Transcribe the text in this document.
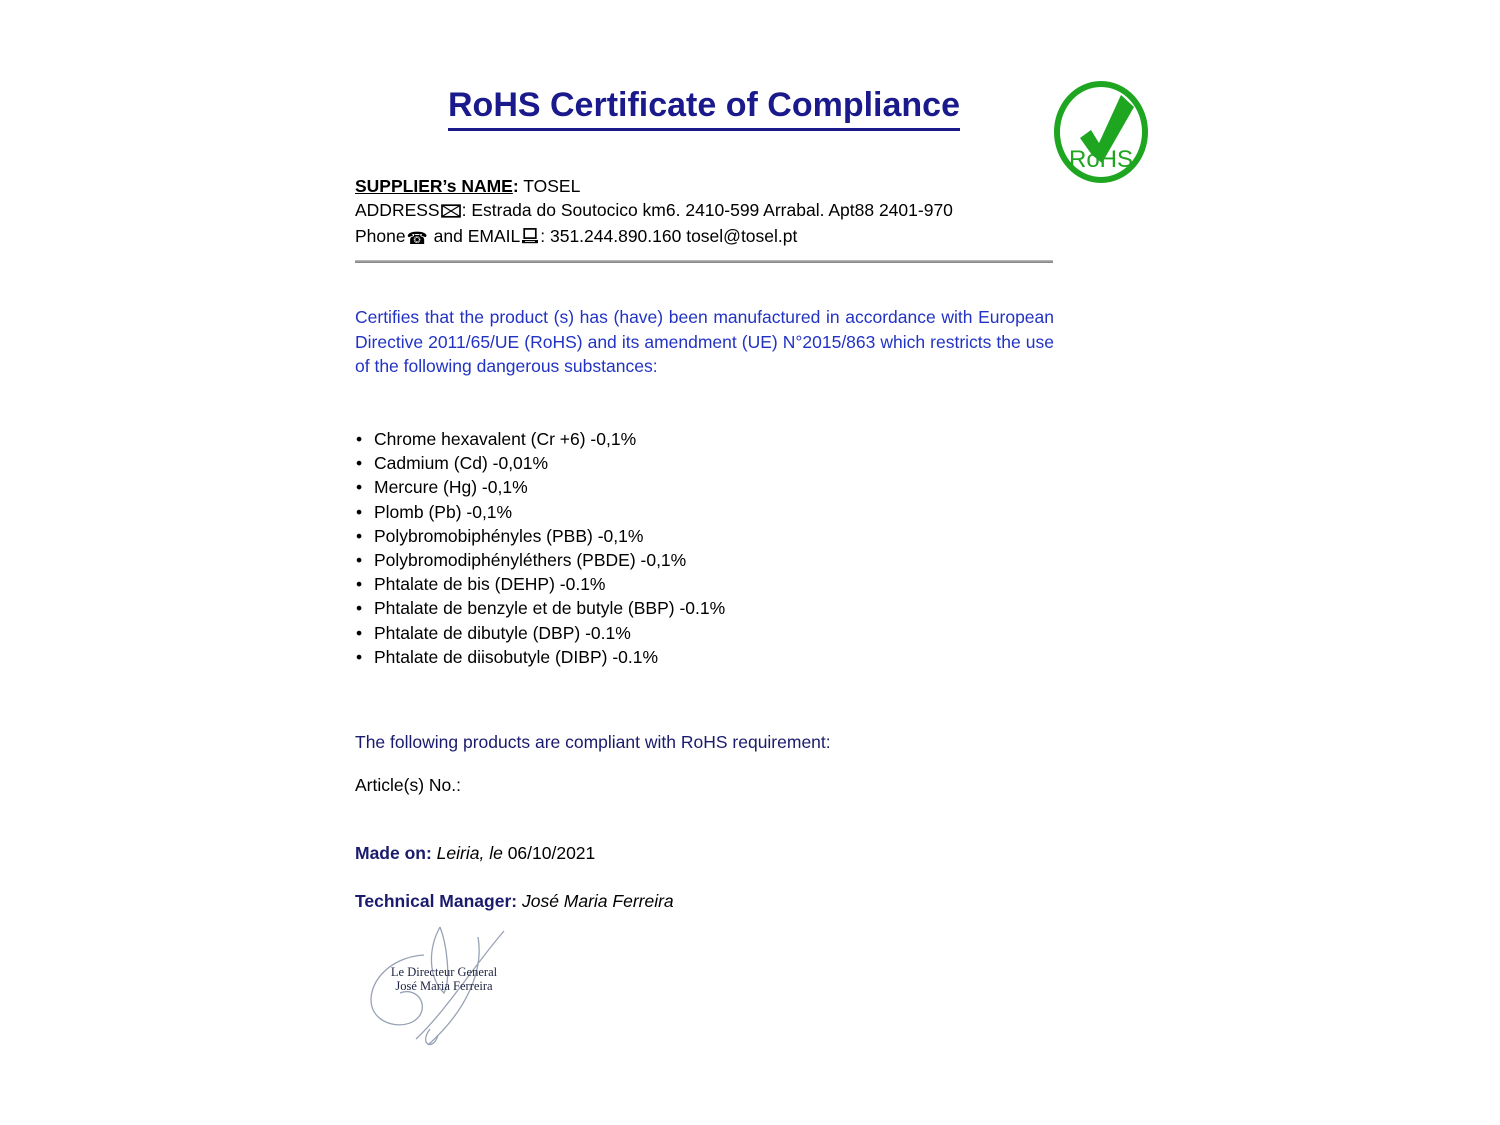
RoHS Certificate of Compliance
RoHS

SUPPLIER’s NAME: TOSEL

ADDRESS : Estrada do Soutocico km6. 2410-599 Arrabal. Apt88 2401-970

Phone☎ and EMAIL : 351.244.890.160 tosel@tosel.pt

Certifies that the product (s) has (have) been manufactured in accordance with European Directive 2011/65/UE (RoHS) and its amendment (UE) N°2015/863 which restricts the use of the following dangerous substances:

• Chrome hexavalent (Cr +6) -0,1%
• Cadmium (Cd) -0,01%
• Mercure (Hg) -0,1%
• Plomb (Pb) -0,1%
• Polybromobiphényles (PBB) -0,1%
• Polybromodiphényléthers (PBDE) -0,1%
• Phtalate de bis (DEHP) -0.1%
• Phtalate de benzyle et de butyle (BBP) -0.1%
• Phtalate de dibutyle (DBP) -0.1%
• Phtalate de diisobutyle (DIBP) -0.1%

The following products are compliant with RoHS requirement:

Article(s) No.:

Made on: Leiria, le 06/10/2021

Technical Manager: José Maria Ferreira

Le Directeur General
José Maria Ferreira
